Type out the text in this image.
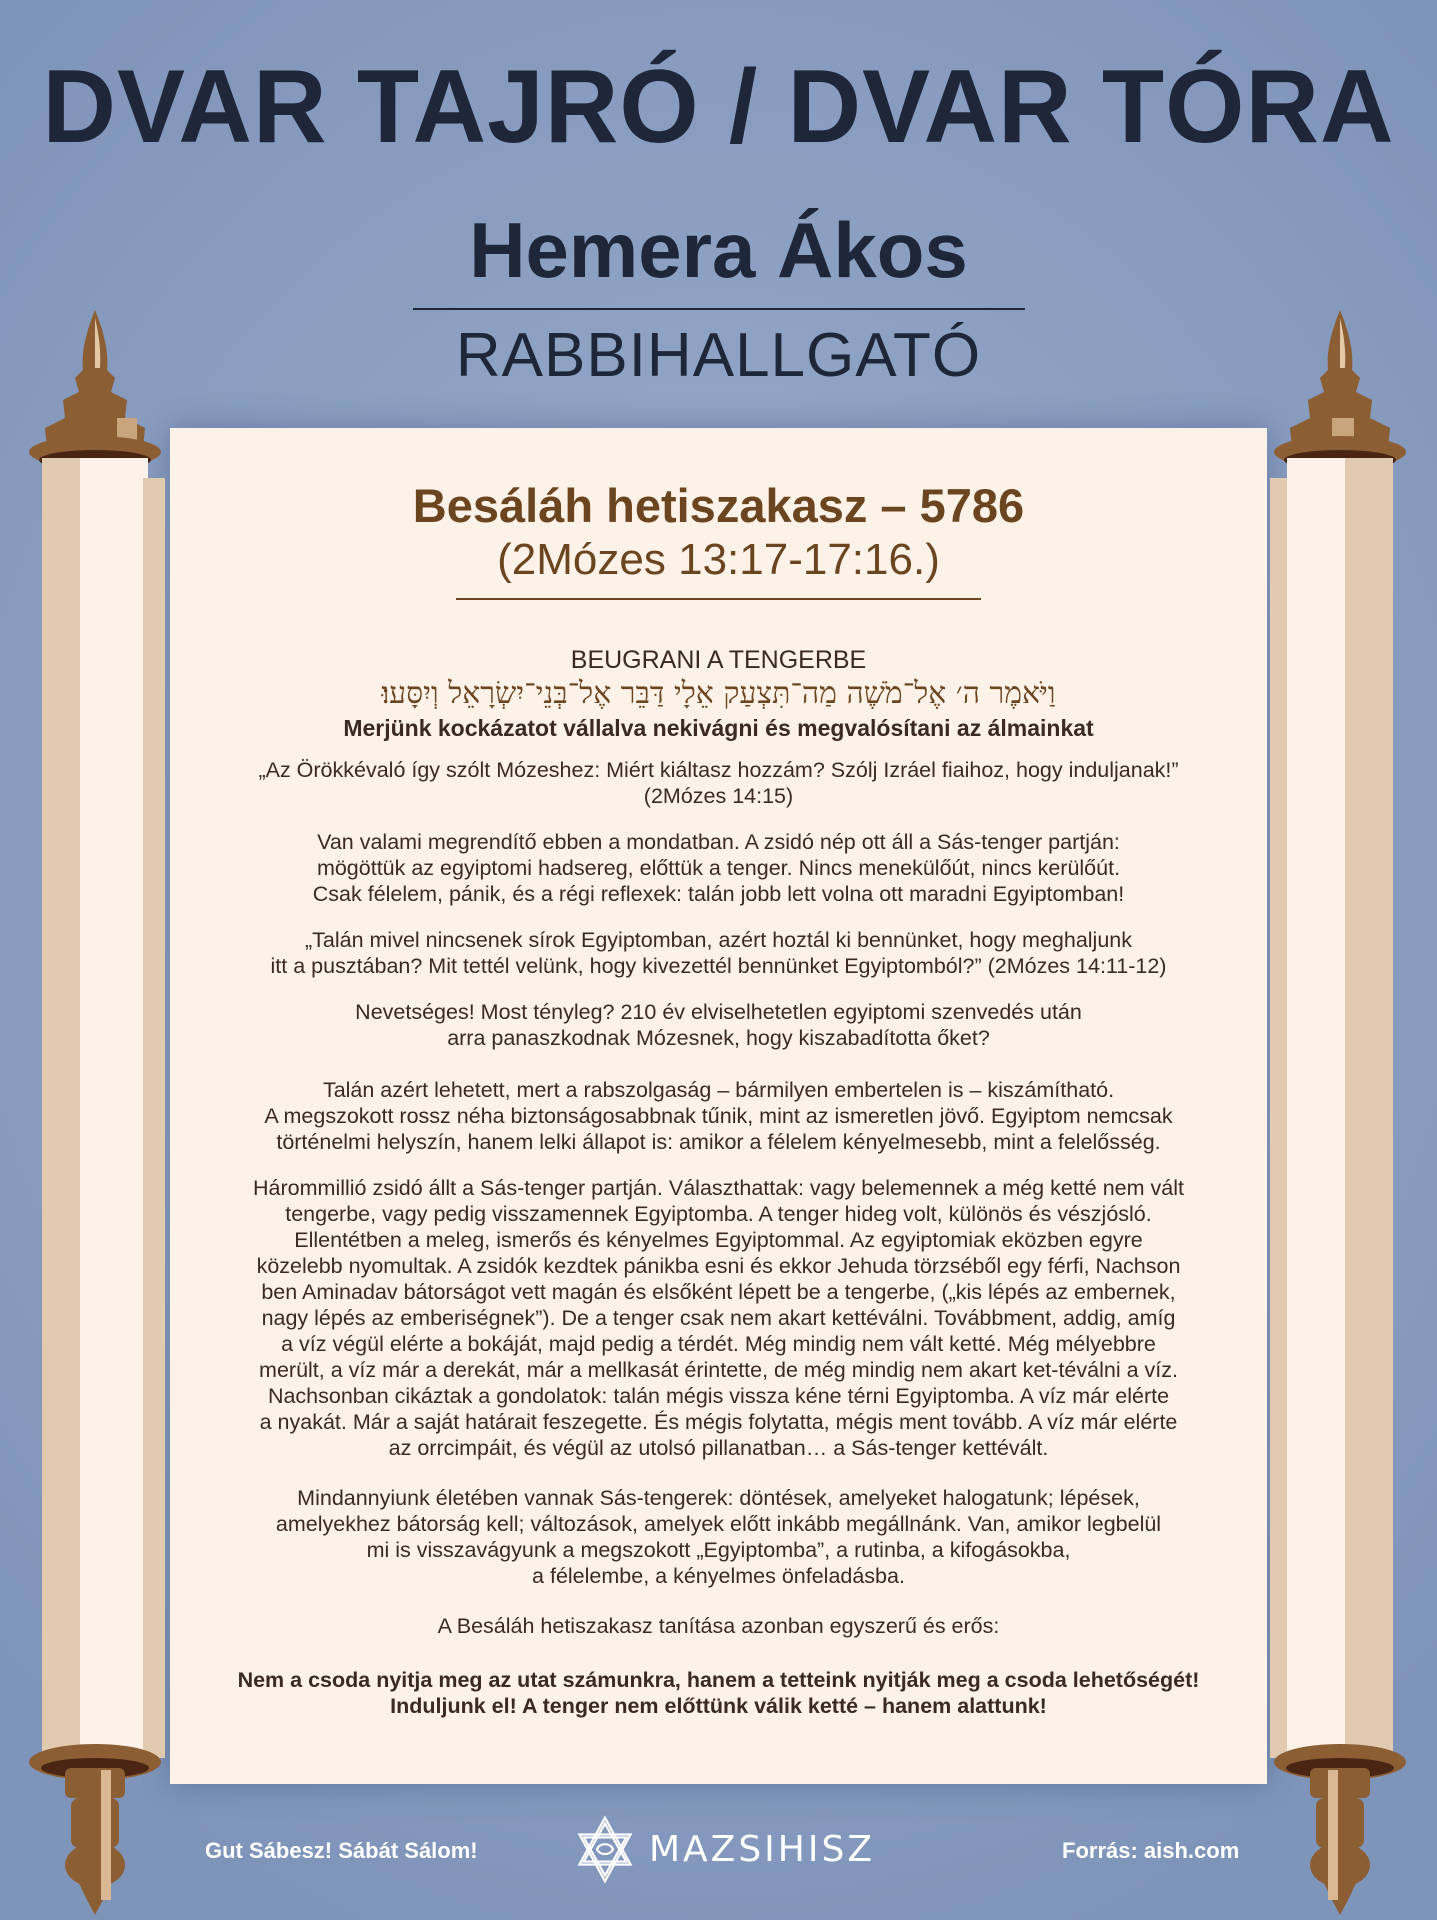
DVAR TAJRÓ / DVAR TÓRA
Hemera Ákos
RABBIHALLGATÓ
Besáláh hetiszakasz – 5786
(2Mózes 13:17-17:16.)
BEUGRANI A TENGERBE
וַיֹּאמֶר ה׳ אֶל־מֹשֶׁה מַה־תִּצְעַק אֵלָי דַּבֵּר אֶל־בְּנֵי־יִשְׂרָאֵל וְיִסָּעוּ׃
Merjünk kockázatot vállalva nekivágni és megvalósítani az álmainkat
„Az Örökkévaló így szólt Mózeshez: Miért kiáltasz hozzám? Szólj Izráel fiaihoz, hogy induljanak!”
(2Mózes 14:15)
Van valami megrendítő ebben a mondatban. A zsidó nép ott áll a Sás-tenger partján:
mögöttük az egyiptomi hadsereg, előttük a tenger. Nincs menekülőút, nincs kerülőút.
Csak félelem, pánik, és a régi reflexek: talán jobb lett volna ott maradni Egyiptomban!
„Talán mivel nincsenek sírok Egyiptomban, azért hoztál ki bennünket, hogy meghaljunk
itt a pusztában? Mit tettél velünk, hogy kivezettél bennünket Egyiptomból?” (2Mózes 14:11-12)
Nevetséges! Most tényleg? 210 év elviselhetetlen egyiptomi szenvedés után
arra panaszkodnak Mózesnek, hogy kiszabadította őket?
Talán azért lehetett, mert a rabszolgaság – bármilyen embertelen is – kiszámítható.
A megszokott rossz néha biztonságosabbnak tűnik, mint az ismeretlen jövő. Egyiptom nemcsak
történelmi helyszín, hanem lelki állapot is: amikor a félelem kényelmesebb, mint a felelősség.
Hárommillió zsidó állt a Sás-tenger partján. Választhattak: vagy belemennek a még ketté nem vált
tengerbe, vagy pedig visszamennek Egyiptomba. A tenger hideg volt, különös és vészjósló.
Ellentétben a meleg, ismerős és kényelmes Egyiptommal. Az egyiptomiak eközben egyre
közelebb nyomultak. A zsidók kezdtek pánikba esni és ekkor Jehuda törzséből egy férfi, Nachson
ben Aminadav bátorságot vett magán és elsőként lépett be a tengerbe, („kis lépés az embernek,
nagy lépés az emberiségnek”). De a tenger csak nem akart kettéválni. Továbbment, addig, amíg
a víz végül elérte a bokáját, majd pedig a térdét. Még mindig nem vált ketté. Még mélyebbre
merült, a víz már a derekát, már a mellkasát érintette, de még mindig nem akart ket-téválni a víz.
Nachsonban cikáztak a gondolatok: talán mégis vissza kéne térni Egyiptomba. A víz már elérte
a nyakát. Már a saját határait feszegette. És mégis folytatta, mégis ment tovább. A víz már elérte
az orrcimpáit, és végül az utolsó pillanatban… a Sás-tenger kettévált.
Mindannyiunk életében vannak Sás-tengerek: döntések, amelyeket halogatunk; lépések,
amelyekhez bátorság kell; változások, amelyek előtt inkább megállnánk. Van, amikor legbelül
mi is visszavágyunk a megszokott „Egyiptomba”, a rutinba, a kifogásokba,
a félelembe, a kényelmes önfeladásba.
A Besáláh hetiszakasz tanítása azonban egyszerű és erős:
Nem a csoda nyitja meg az utat számunkra, hanem a tetteink nyitják meg a csoda lehetőségét!
Induljunk el! A tenger nem előttünk válik ketté – hanem alattunk!
Gut Sábesz! Sábát Sálom!	MAZSIHISZ	Forrás: aish.com
